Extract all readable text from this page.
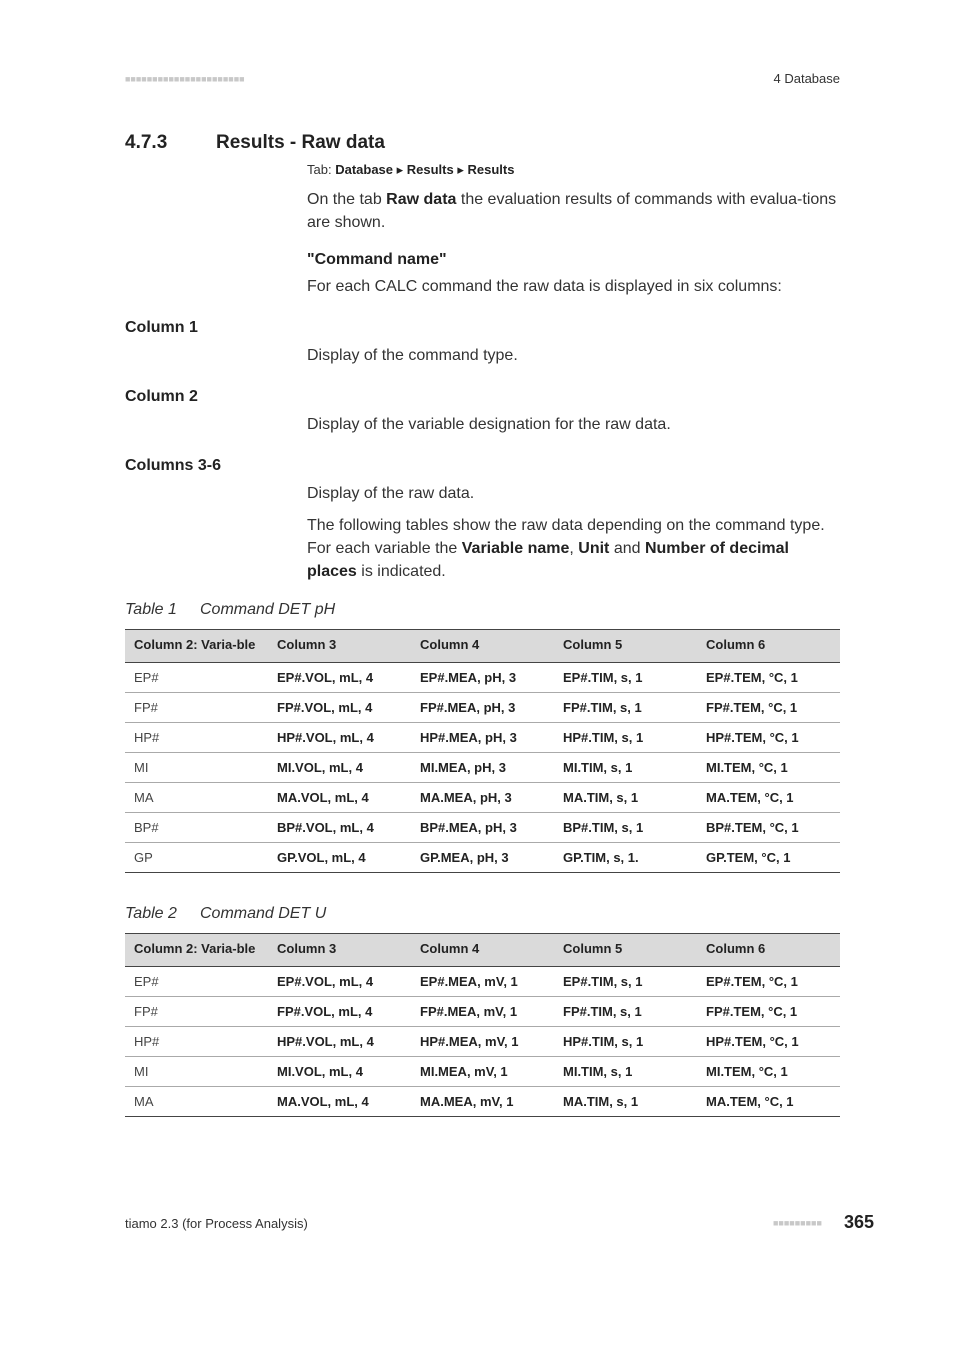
■■■■■■■■■■■■■■■■■■■■■■	4 Database
4.7.3	Results - Raw data
Tab: Database ▸ Results ▸ Results
On the tab Raw data the evaluation results of commands with evalua-tions are shown.
"Command name"
For each CALC command the raw data is displayed in six columns:
Column 1
Display of the command type.
Column 2
Display of the variable designation for the raw data.
Columns 3-6
Display of the raw data.
The following tables show the raw data depending on the command type. For each variable the Variable name, Unit and Number of decimal places is indicated.
Table 1 Command DET pH
Column 2: Varia-ble	Column 3	Column 4	Column 5	Column 6
EP#	EP#.VOL, mL, 4	EP#.MEA, pH, 3	EP#.TIM, s, 1	EP#.TEM, °C, 1
FP#	FP#.VOL, mL, 4	FP#.MEA, pH, 3	FP#.TIM, s, 1	FP#.TEM, °C, 1
HP#	HP#.VOL, mL, 4	HP#.MEA, pH, 3	HP#.TIM, s, 1	HP#.TEM, °C, 1
MI	MI.VOL, mL, 4	MI.MEA, pH, 3	MI.TIM, s, 1	MI.TEM, °C, 1
MA	MA.VOL, mL, 4	MA.MEA, pH, 3	MA.TIM, s, 1	MA.TEM, °C, 1
BP#	BP#.VOL, mL, 4	BP#.MEA, pH, 3	BP#.TIM, s, 1	BP#.TEM, °C, 1
GP	GP.VOL, mL, 4	GP.MEA, pH, 3	GP.TIM, s, 1.	GP.TEM, °C, 1
Table 2 Command DET U
Column 2: Varia-ble	Column 3	Column 4	Column 5	Column 6
EP#	EP#.VOL, mL, 4	EP#.MEA, mV, 1	EP#.TIM, s, 1	EP#.TEM, °C, 1
FP#	FP#.VOL, mL, 4	FP#.MEA, mV, 1	FP#.TIM, s, 1	FP#.TEM, °C, 1
HP#	HP#.VOL, mL, 4	HP#.MEA, mV, 1	HP#.TIM, s, 1	HP#.TEM, °C, 1
MI	MI.VOL, mL, 4	MI.MEA, mV, 1	MI.TIM, s, 1	MI.TEM, °C, 1
MA	MA.VOL, mL, 4	MA.MEA, mV, 1	MA.TIM, s, 1	MA.TEM, °C, 1
tiamo 2.3 (for Process Analysis)	■■■■■■■■■ 365
